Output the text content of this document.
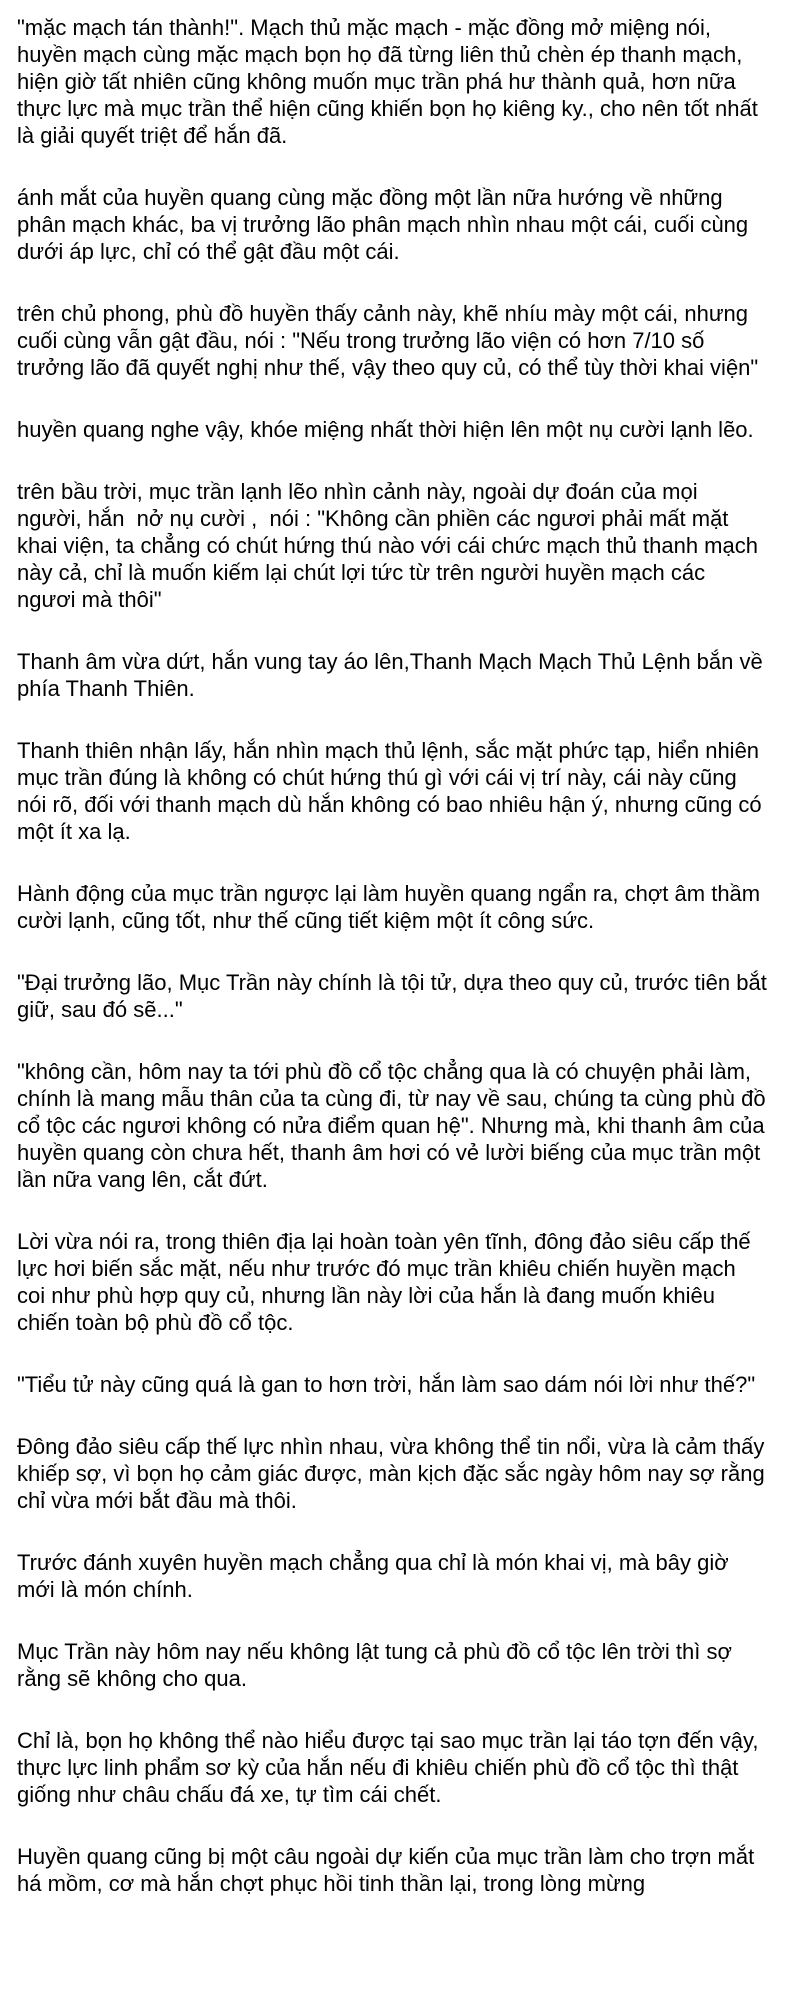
"mặc mạch tán thành!". Mạch thủ mặc mạch - mặc đồng mở miệng nói, huyền mạch cùng mặc mạch bọn họ đã từng liên thủ chèn ép thanh mạch, hiện giờ tất nhiên cũng không muốn mục trần phá hư thành quả, hơn nữa thực lực mà mục trần thể hiện cũng khiến bọn họ kiêng ky., cho nên tốt nhất là giải quyết triệt để hắn đã.

ánh mắt của huyền quang cùng mặc đồng một lần nữa hướng về những phân mạch khác, ba vị trưởng lão phân mạch nhìn nhau một cái, cuối cùng dưới áp lực, chỉ có thể gật đầu một cái.

trên chủ phong, phù đồ huyền thấy cảnh này, khẽ nhíu mày một cái, nhưng cuối cùng vẫn gật đầu, nói : "Nếu trong trưởng lão viện có hơn 7/10 số trưởng lão đã quyết nghị như thế, vậy theo quy củ, có thể tùy thời khai viện"

huyền quang nghe vậy, khóe miệng nhất thời hiện lên một nụ cười lạnh lẽo.

trên bầu trời, mục trần lạnh lẽo nhìn cảnh này, ngoài dự đoán của mọi người, hắn  nở nụ cười ,  nói : "Không cần phiền các ngươi phải mất mặt khai viện, ta chẳng có chút hứng thú nào với cái chức mạch thủ thanh mạch này cả, chỉ là muốn kiếm lại chút lợi tức từ trên người huyền mạch các ngươi mà thôi"

Thanh âm vừa dứt, hắn vung tay áo lên,Thanh Mạch Mạch Thủ Lệnh bắn về phía Thanh Thiên.

Thanh thiên nhận lấy, hắn nhìn mạch thủ lệnh, sắc mặt phức tạp, hiển nhiên mục trần đúng là không có chút hứng thú gì với cái vị trí này, cái này cũng nói rõ, đối với thanh mạch dù hắn không có bao nhiêu hận ý, nhưng cũng có một ít xa lạ.

Hành động của mục trần ngược lại làm huyền quang ngẩn ra, chợt âm thầm cười lạnh, cũng tốt, như thế cũng tiết kiệm một ít công sức.

"Đại trưởng lão, Mục Trần này chính là tội tử, dựa theo quy củ, trước tiên bắt giữ, sau đó sẽ..."

"không cần, hôm nay ta tới phù đồ cổ tộc chẳng qua là có chuyện phải làm, chính là mang mẫu thân của ta cùng đi, từ nay về sau, chúng ta cùng phù đồ cổ tộc các ngươi không có nửa điểm quan hệ". Nhưng mà, khi thanh âm của huyền quang còn chưa hết, thanh âm hơi có vẻ lười biếng của mục trần một lần nữa vang lên, cắt đứt.

Lời vừa nói ra, trong thiên địa lại hoàn toàn yên tĩnh, đông đảo siêu cấp thế lực hơi biến sắc mặt, nếu như trước đó mục trần khiêu chiến huyền mạch coi như phù hợp quy củ, nhưng lần này lời của hắn là đang muốn khiêu chiến toàn bộ phù đồ cổ tộc.

"Tiểu tử này cũng quá là gan to hơn trời, hắn làm sao dám nói lời như thế?"

Đông đảo siêu cấp thế lực nhìn nhau, vừa không thể tin nổi, vừa là cảm thấy khiếp sợ, vì bọn họ cảm giác được, màn kịch đặc sắc ngày hôm nay sợ rằng chỉ vừa mới bắt đầu mà thôi.

Trước đánh xuyên huyền mạch chẳng qua chỉ là món khai vị, mà bây giờ mới là món chính.

Mục Trần này hôm nay nếu không lật tung cả phù đồ cổ tộc lên trời thì sợ rằng sẽ không cho qua.

Chỉ là, bọn họ không thể nào hiểu được tại sao mục trần lại táo tợn đến vậy, thực lực linh phẩm sơ kỳ của hắn nếu đi khiêu chiến phù đồ cổ tộc thì thật giống như châu chấu đá xe, tự tìm cái chết.

Huyền quang cũng bị một câu ngoài dự kiến của mục trần làm cho trợn mắt há mồm, cơ mà hắn chợt phục hồi tinh thần lại, trong lòng mừng
